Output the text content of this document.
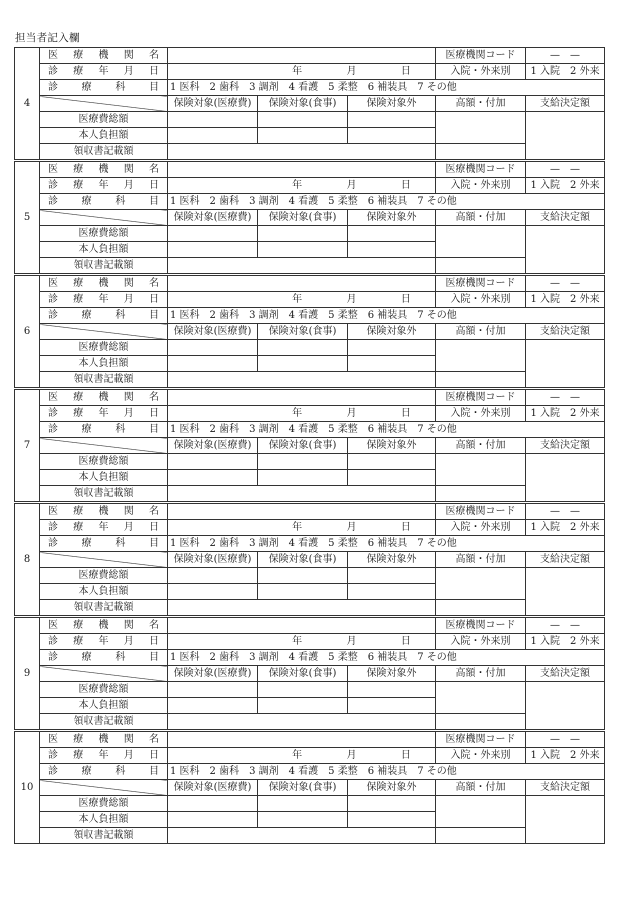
担当者記入欄
4	医 療 機 関 名				医療機関コード	—　—
	診 療 年 月 日	年 月 日			入院・外来別	1 入院　2 外来
	診 療 科 目	1 医科　2 歯科　3 調剤　4 看護　5 柔整　6 補装具　7 その他				
		保険対象(医療費)	保険対象(食事)	保険対象外	高額・付加	支給決定額
	医療費総額					
	本人負担額					
	領収書記載額					
5	医 療 機 関 名				医療機関コード	—　—
	診 療 年 月 日	年 月 日			入院・外来別	1 入院　2 外来
	診 療 科 目	1 医科　2 歯科　3 調剤　4 看護　5 柔整　6 補装具　7 その他				
		保険対象(医療費)	保険対象(食事)	保険対象外	高額・付加	支給決定額
	医療費総額					
	本人負担額					
	領収書記載額					
6	医 療 機 関 名				医療機関コード	—　—
	診 療 年 月 日	年 月 日			入院・外来別	1 入院　2 外来
	診 療 科 目	1 医科　2 歯科　3 調剤　4 看護　5 柔整　6 補装具　7 その他				
		保険対象(医療費)	保険対象(食事)	保険対象外	高額・付加	支給決定額
	医療費総額					
	本人負担額					
	領収書記載額					
7	医 療 機 関 名				医療機関コード	—　—
	診 療 年 月 日	年 月 日			入院・外来別	1 入院　2 外来
	診 療 科 目	1 医科　2 歯科　3 調剤　4 看護　5 柔整　6 補装具　7 その他				
		保険対象(医療費)	保険対象(食事)	保険対象外	高額・付加	支給決定額
	医療費総額					
	本人負担額					
	領収書記載額					
8	医 療 機 関 名				医療機関コード	—　—
	診 療 年 月 日	年 月 日			入院・外来別	1 入院　2 外来
	診 療 科 目	1 医科　2 歯科　3 調剤　4 看護　5 柔整　6 補装具　7 その他				
		保険対象(医療費)	保険対象(食事)	保険対象外	高額・付加	支給決定額
	医療費総額					
	本人負担額					
	領収書記載額					
9	医 療 機 関 名				医療機関コード	—　—
	診 療 年 月 日	年 月 日			入院・外来別	1 入院　2 外来
	診 療 科 目	1 医科　2 歯科　3 調剤　4 看護　5 柔整　6 補装具　7 その他				
		保険対象(医療費)	保険対象(食事)	保険対象外	高額・付加	支給決定額
	医療費総額					
	本人負担額					
	領収書記載額					
10	医 療 機 関 名				医療機関コード	—　—
	診 療 年 月 日	年 月 日			入院・外来別	1 入院　2 外来
	診 療 科 目	1 医科　2 歯科　3 調剤　4 看護　5 柔整　6 補装具　7 その他				
		保険対象(医療費)	保険対象(食事)	保険対象外	高額・付加	支給決定額
	医療費総額					
	本人負担額					
	領収書記載額					
